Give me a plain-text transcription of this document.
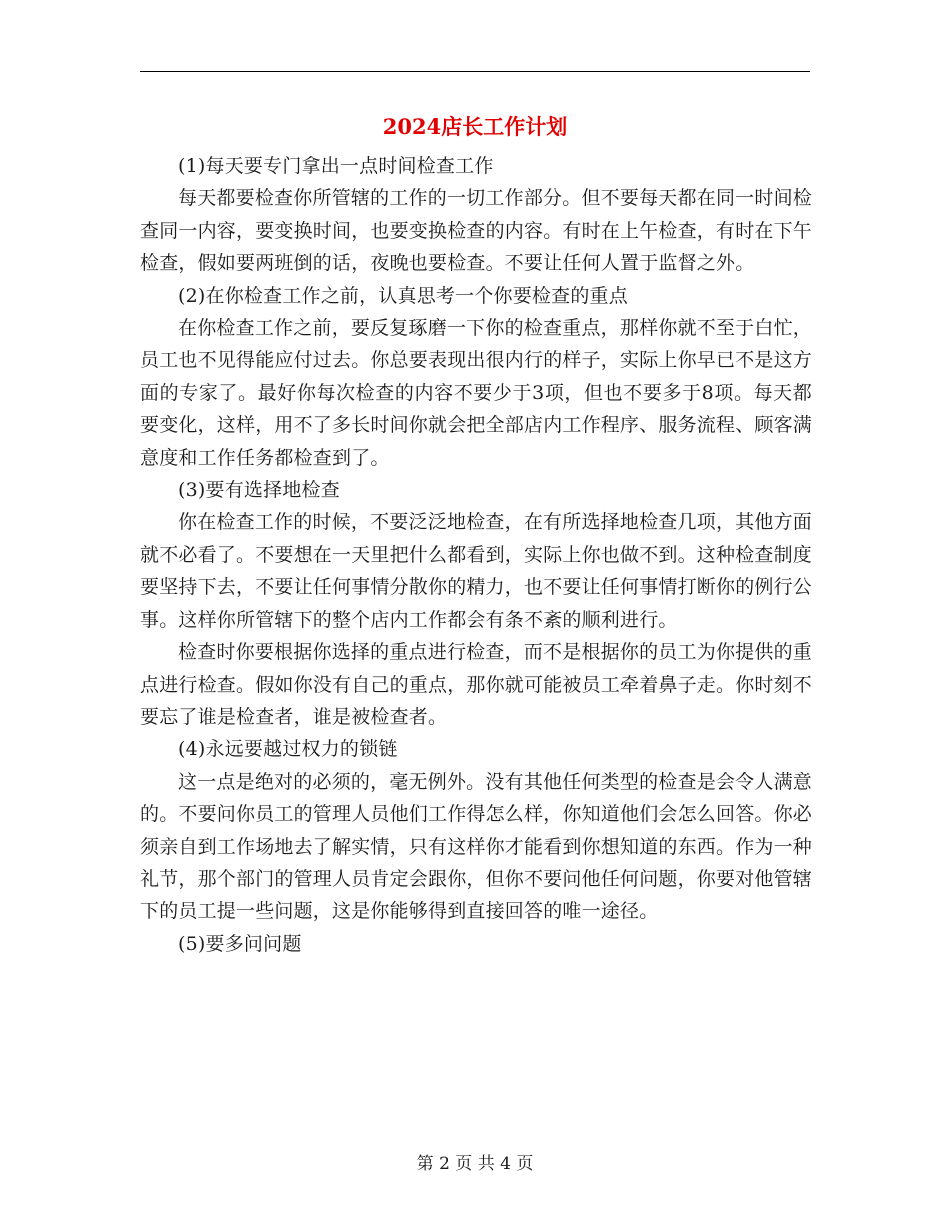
2024店长工作计划

(1)每天要专门拿出一点时间检查工作

每天都要检查你所管辖的工作的一切工作部分。但不要每天都在同一时间检查同一内容，要变换时间，也要变换检查的内容。有时在上午检查，有时在下午检查，假如要两班倒的话，夜晚也要检查。不要让任何人置于监督之外。

(2)在你检查工作之前，认真思考一个你要检查的重点

在你检查工作之前，要反复琢磨一下你的检查重点，那样你就不至于白忙，员工也不见得能应付过去。你总要表现出很内行的样子，实际上你早已不是这方面的专家了。最好你每次检查的内容不要少于3项，但也不要多于8项。每天都要变化，这样，用不了多长时间你就会把全部店内工作程序、服务流程、顾客满意度和工作任务都检查到了。

(3)要有选择地检查

你在检查工作的时候，不要泛泛地检查，在有所选择地检查几项，其他方面就不必看了。不要想在一天里把什么都看到，实际上你也做不到。这种检查制度要坚持下去，不要让任何事情分散你的精力，也不要让任何事情打断你的例行公事。这样你所管辖下的整个店内工作都会有条不紊的顺利进行。

检查时你要根据你选择的重点进行检查，而不是根据你的员工为你提供的重点进行检查。假如你没有自己的重点，那你就可能被员工牵着鼻子走。你时刻不要忘了谁是检查者，谁是被检查者。

(4)永远要越过权力的锁链

这一点是绝对的必须的，毫无例外。没有其他任何类型的检查是会令人满意的。不要问你员工的管理人员他们工作得怎么样，你知道他们会怎么回答。你必须亲自到工作场地去了解实情，只有这样你才能看到你想知道的东西。作为一种礼节，那个部门的管理人员肯定会跟你，但你不要问他任何问题，你要对他管辖下的员工提一些问题，这是你能够得到直接回答的唯一途径。

(5)要多问问题

第 2 页 共 4 页
